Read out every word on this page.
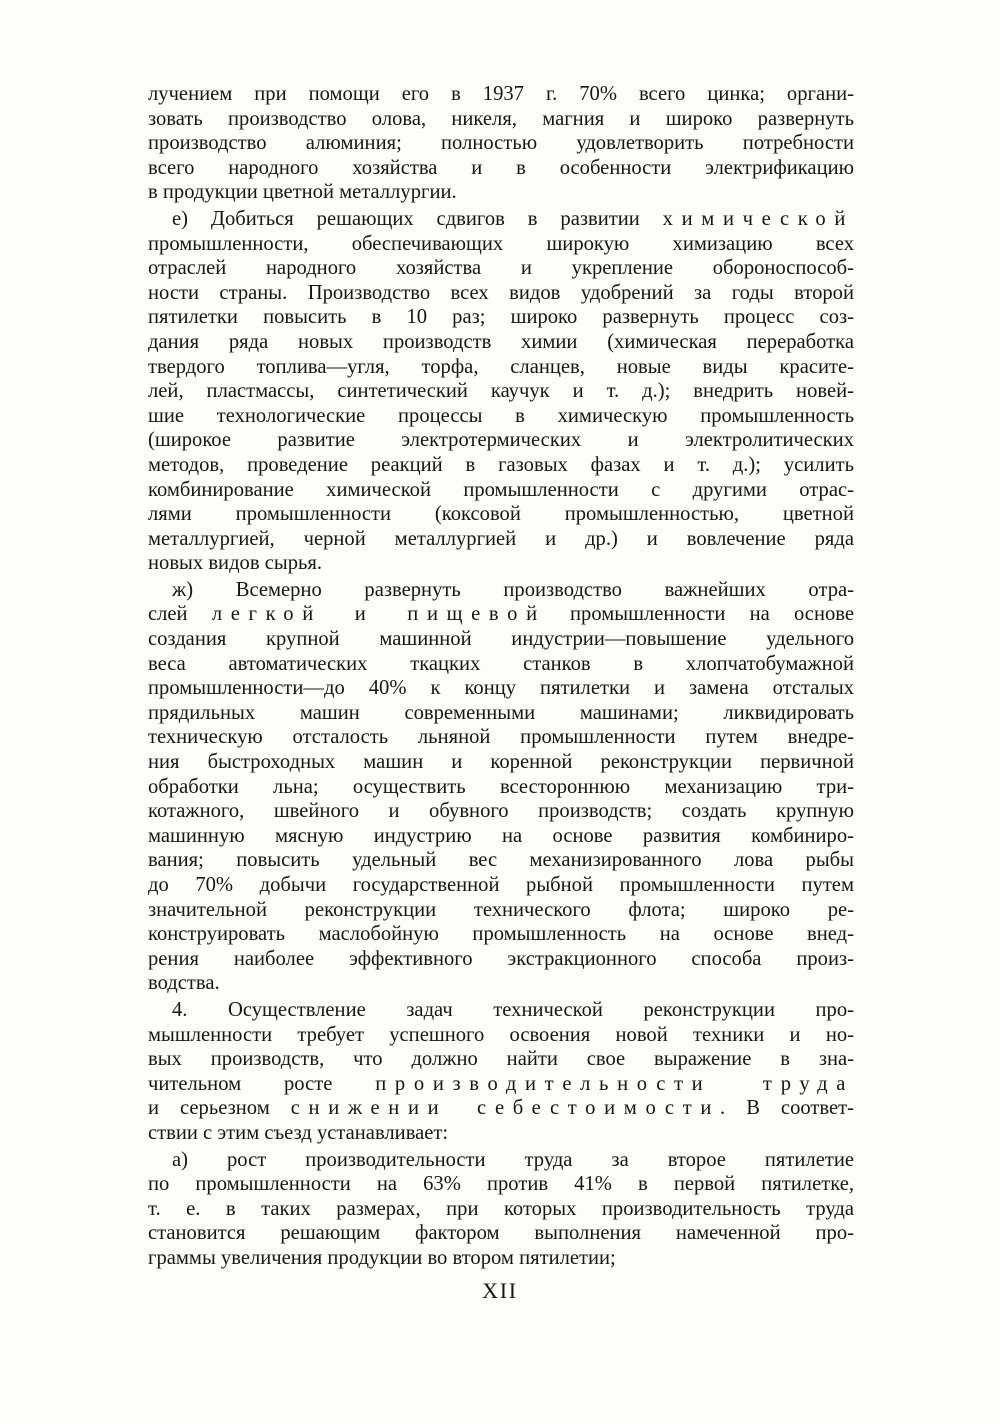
лучением при помощи его в 1937 г. 70% всего цинка; органи-
зовать производство олова, никеля, магния и широко развернуть
производство алюминия; полностью удовлетворить потребности
всего народного хозяйства и в особенности электрификацию
в продукции цветной металлургии.
е) Добиться решающих сдвигов в развитии химической
промышленности, обеспечивающих широкую химизацию всех
отраслей народного хозяйства и укрепление обороноспособ-
ности страны. Производство всех видов удобрений за годы второй
пятилетки повысить в 10 раз; широко развернуть процесс соз-
дания ряда новых производств химии (химическая переработка
твердого топлива—угля, торфа, сланцев, новые виды красите-
лей, пластмассы, синтетический каучук и т. д.); внедрить новей-
шие технологические процессы в химическую промышленность
(широкое развитие электротермических и электролитических
методов, проведение реакций в газовых фазах и т. д.); усилить
комбинирование химической промышленности с другими отрас-
лями промышленности (коксовой промышленностью, цветной
металлургией, черной металлургией и др.) и вовлечение ряда
новых видов сырья.
ж) Всемерно развернуть производство важнейших отра-
слей легкой и пищевой промышленности на основе
создания крупной машинной индустрии—повышение удельного
веса автоматических ткацких станков в хлопчатобумажной
промышленности—до 40% к концу пятилетки и замена отсталых
прядильных машин современными машинами; ликвидировать
техническую отсталость льняной промышленности путем внедре-
ния быстроходных машин и коренной реконструкции первичной
обработки льна; осуществить всестороннюю механизацию три-
котажного, швейного и обувного производств; создать крупную
машинную мясную индустрию на основе развития комбиниро-
вания; повысить удельный вес механизированного лова рыбы
до 70% добычи государственной рыбной промышленности путем
значительной реконструкции технического флота; широко ре-
конструировать маслобойную промышленность на основе внед-
рения наиболее эффективного экстракционного способа произ-
водства.
4. Осуществление задач технической реконструкции про-
мышленности требует успешного освоения новой техники и но-
вых производств, что должно найти свое выражение в зна-
чительном росте производительности труда
и серьезном снижении себестоимости. В соответ-
ствии с этим съезд устанавливает:
а) рост производительности труда за второе пятилетие
по промышленности на 63% против 41% в первой пятилетке,
т. е. в таких размерах, при которых производительность труда
становится решающим фактором выполнения намеченной про-
граммы увеличения продукции во втором пятилетии;
XII
